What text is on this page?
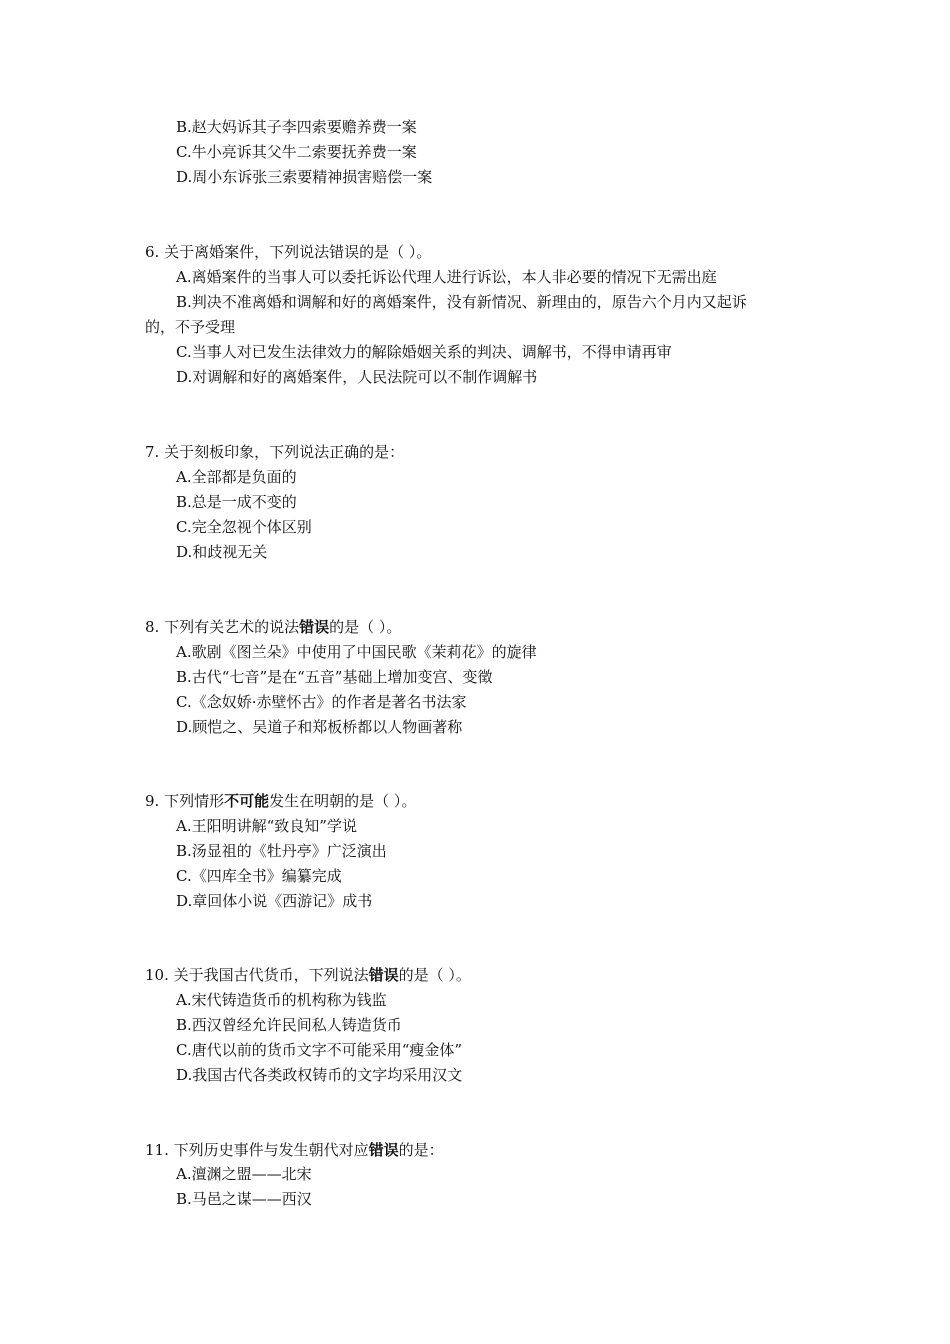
B.赵大妈诉其子李四索要赡养费一案
C.牛小亮诉其父牛二索要抚养费一案
D.周小东诉张三索要精神损害赔偿一案
6. 关于离婚案件，下列说法错误的是（ ）。
A.离婚案件的当事人可以委托诉讼代理人进行诉讼，本人非必要的情况下无需出庭
B.判决不准离婚和调解和好的离婚案件，没有新情况、新理由的，原告六个月内又起诉
的，不予受理
C.当事人对已发生法律效力的解除婚姻关系的判决、调解书，不得申请再审
D.对调解和好的离婚案件，人民法院可以不制作调解书
7. 关于刻板印象，下列说法正确的是：
A.全部都是负面的
B.总是一成不变的
C.完全忽视个体区别
D.和歧视无关
8. 下列有关艺术的说法错误的是（ ）。
A.歌剧《图兰朵》中使用了中国民歌《茉莉花》的旋律
B.古代“七音”是在“五音”基础上增加变宫、变徵
C.《念奴娇·赤壁怀古》的作者是著名书法家
D.顾恺之、吴道子和郑板桥都以人物画著称
9. 下列情形不可能发生在明朝的是（ ）。
A.王阳明讲解“致良知”学说
B.汤显祖的《牡丹亭》广泛演出
C.《四库全书》编纂完成
D.章回体小说《西游记》成书
10. 关于我国古代货币，下列说法错误的是（ ）。
A.宋代铸造货币的机构称为钱监
B.西汉曾经允许民间私人铸造货币
C.唐代以前的货币文字不可能采用“瘦金体”
D.我国古代各类政权铸币的文字均采用汉文
11. 下列历史事件与发生朝代对应错误的是：
A.澶渊之盟——北宋
B.马邑之谋——西汉
